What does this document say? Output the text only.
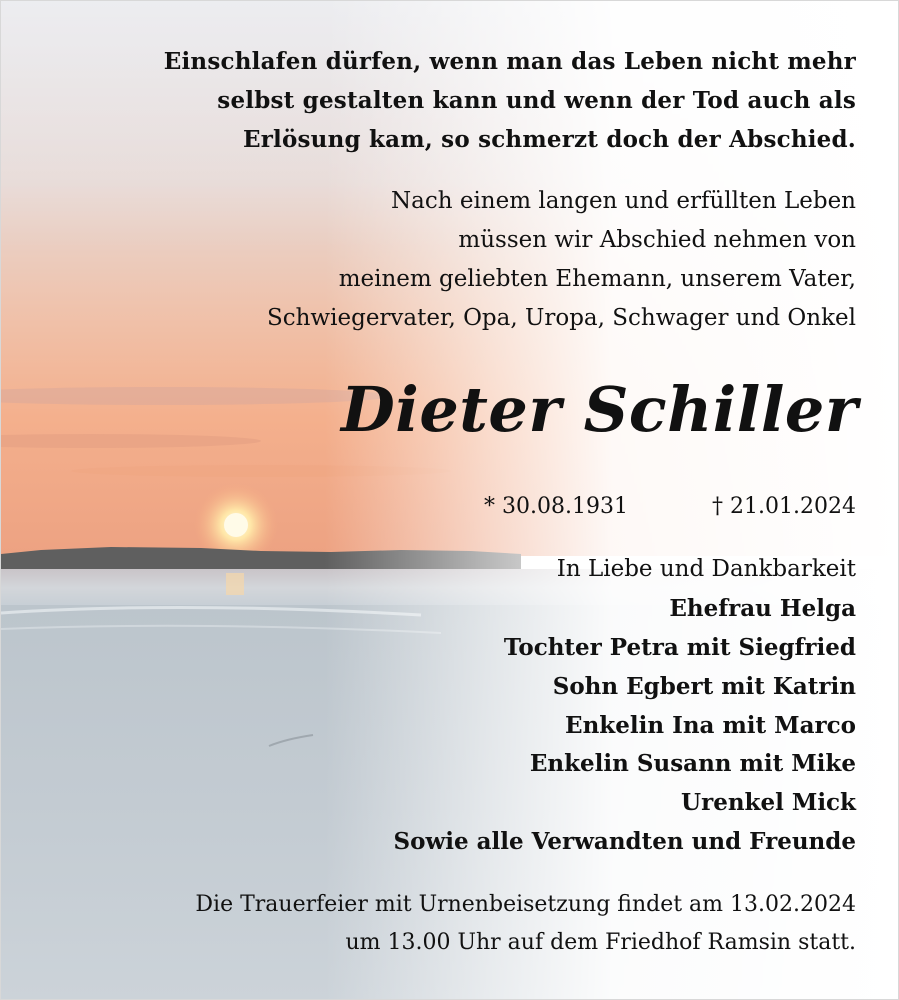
Einschlafen dürfen, wenn man das Leben nicht mehr

selbst gestalten kann und wenn der Tod auch als

Erlösung kam, so schmerzt doch der Abschied.

Nach einem langen und erfüllten Leben

müssen wir Abschied nehmen von

meinem geliebten Ehemann, unserem Vater,

Schwiegervater, Opa, Uropa, Schwager und Onkel

Dieter Schiller

* 30.08.1931	† 21.01.2024

In Liebe und Dankbarkeit

Ehefrau Helga

Tochter Petra mit Siegfried

Sohn Egbert mit Katrin

Enkelin Ina mit Marco

Enkelin Susann mit Mike

Urenkel Mick

Sowie alle Verwandten und Freunde

Die Trauerfeier mit Urnenbeisetzung findet am 13.02.2024

um 13.00 Uhr auf dem Friedhof Ramsin statt.
